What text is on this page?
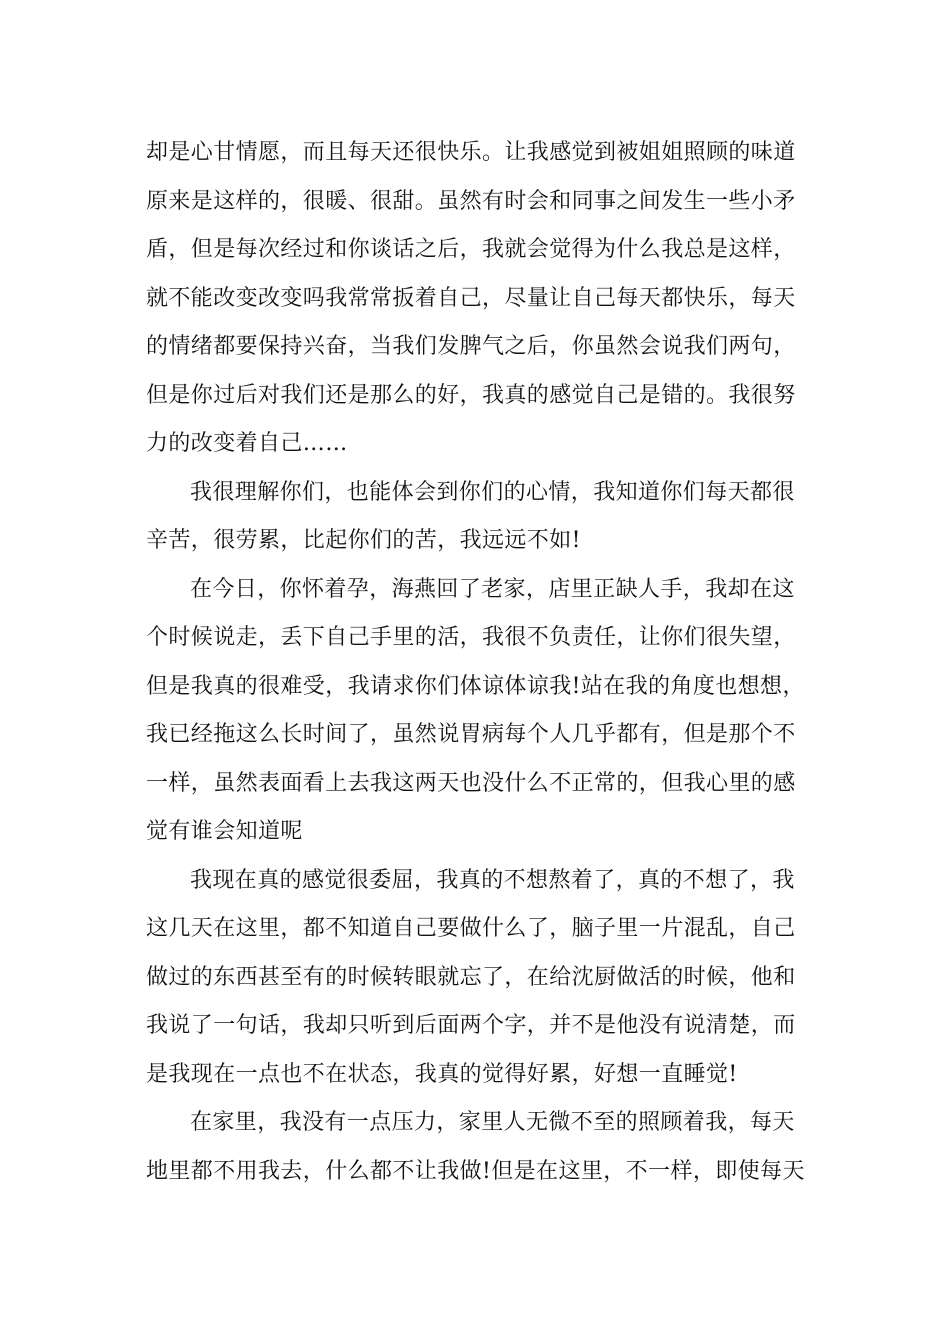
却是心甘情愿，而且每天还很快乐。让我感觉到被姐姐照顾的味道
原来是这样的，很暖、很甜。虽然有时会和同事之间发生一些小矛
盾，但是每次经过和你谈话之后，我就会觉得为什么我总是这样，
就不能改变改变吗我常常扳着自己，尽量让自己每天都快乐，每天
的情绪都要保持兴奋，当我们发脾气之后，你虽然会说我们两句，
但是你过后对我们还是那么的好，我真的感觉自己是错的。我很努
力的改变着自己……
我很理解你们，也能体会到你们的心情，我知道你们每天都很
辛苦，很劳累，比起你们的苦，我远远不如!
在今日，你怀着孕，海燕回了老家，店里正缺人手，我却在这
个时候说走，丢下自己手里的活，我很不负责任，让你们很失望，
但是我真的很难受，我请求你们体谅体谅我!站在我的角度也想想，
我已经拖这么长时间了，虽然说胃病每个人几乎都有，但是那个不
一样，虽然表面看上去我这两天也没什么不正常的，但我心里的感
觉有谁会知道呢
我现在真的感觉很委屈，我真的不想熬着了，真的不想了，我
这几天在这里，都不知道自己要做什么了，脑子里一片混乱，自己
做过的东西甚至有的时候转眼就忘了，在给沈厨做活的时候，他和
我说了一句话，我却只听到后面两个字，并不是他没有说清楚，而
是我现在一点也不在状态，我真的觉得好累，好想一直睡觉!
在家里，我没有一点压力，家里人无微不至的照顾着我，每天
地里都不用我去，什么都不让我做!但是在这里，不一样，即使每天
